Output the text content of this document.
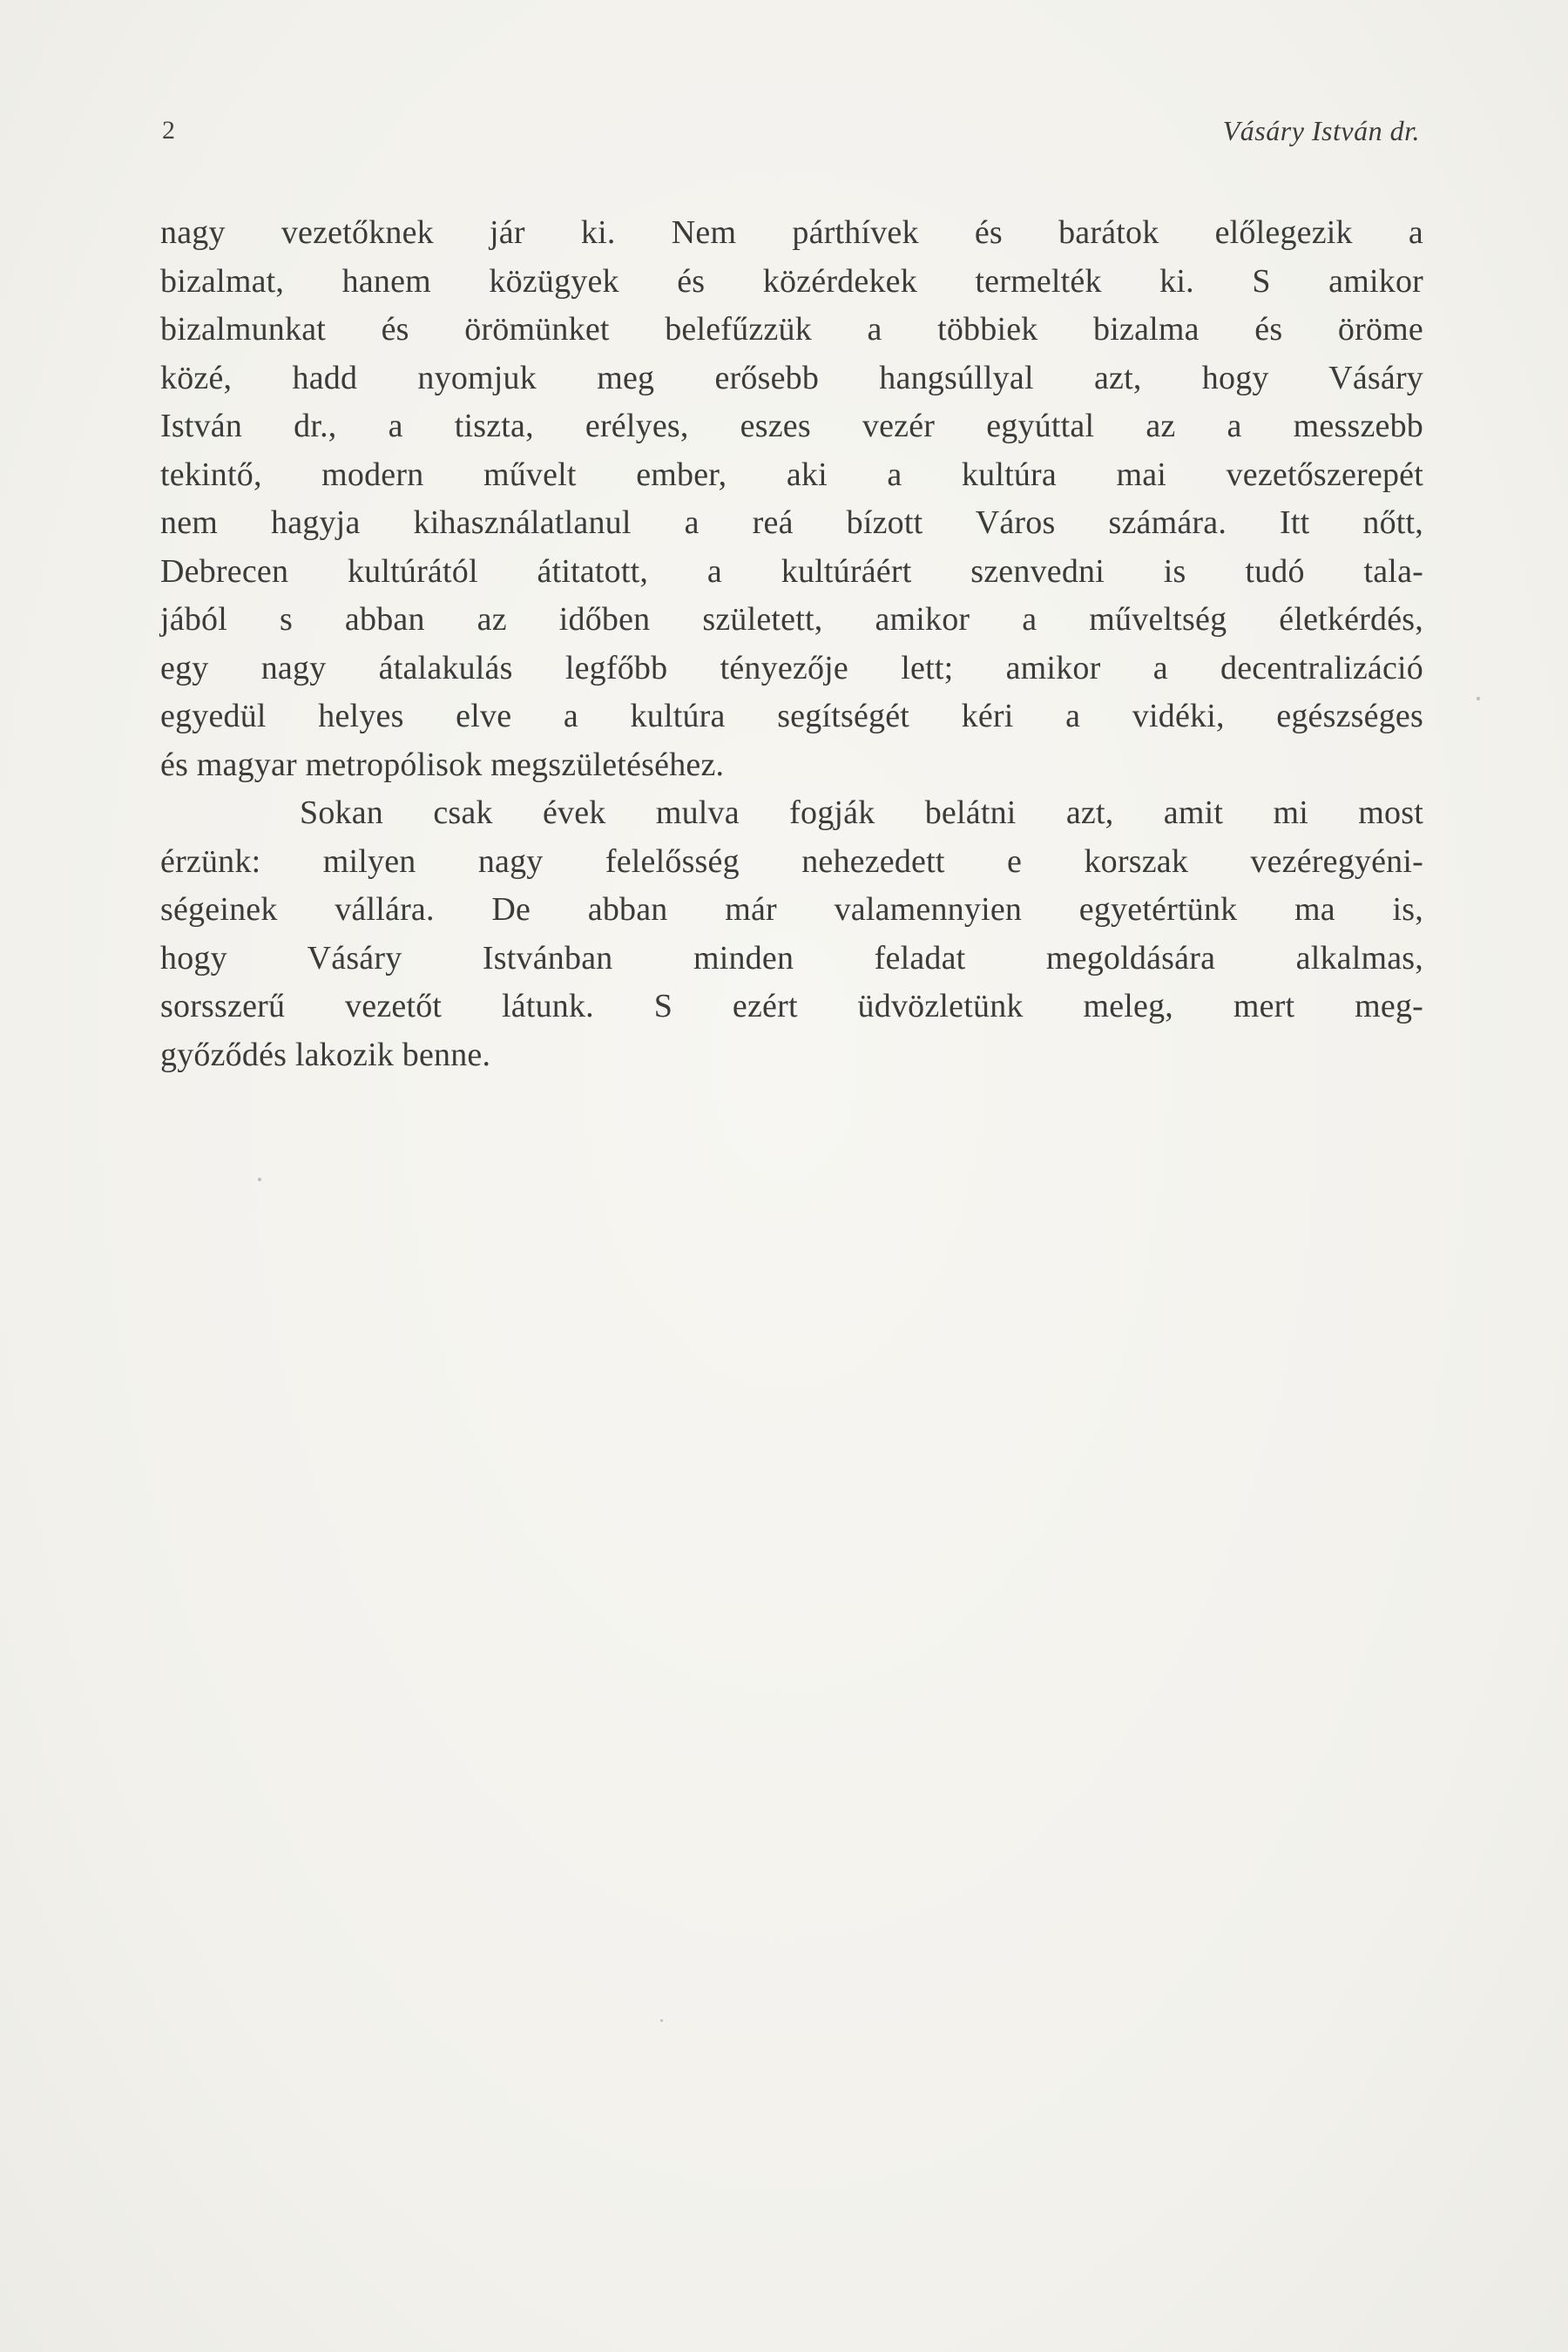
2	Vásáry István dr.
nagy vezetőknek jár ki. Nem párthívek és barátok előlegezik a
bizalmat, hanem közügyek és közérdekek termelték ki. S amikor
bizalmunkat és örömünket belefűzzük a többiek bizalma és öröme
közé, hadd nyomjuk meg erősebb hangsúllyal azt, hogy Vásáry
István dr., a tiszta, erélyes, eszes vezér egyúttal az a messzebb
tekintő, modern művelt ember, aki a kultúra mai vezetőszerepét
nem hagyja kihasználatlanul a reá bízott Város számára. Itt nőtt,
Debrecen kultúrától átitatott, a kultúráért szenvedni is tudó tala-
jából s abban az időben született, amikor a műveltség életkérdés,
egy nagy átalakulás legfőbb tényezője lett; amikor a decentralizáció
egyedül helyes elve a kultúra segítségét kéri a vidéki, egészséges
és magyar metropólisok megszületéséhez.
Sokan csak évek mulva fogják belátni azt, amit mi most
érzünk: milyen nagy felelősség nehezedett e korszak vezéregyéni-
ségeinek vállára. De abban már valamennyien egyetértünk ma is,
hogy Vásáry Istvánban minden feladat megoldására alkalmas,
sorsszerű vezetőt látunk. S ezért üdvözletünk meleg, mert meg-
győződés lakozik benne.
